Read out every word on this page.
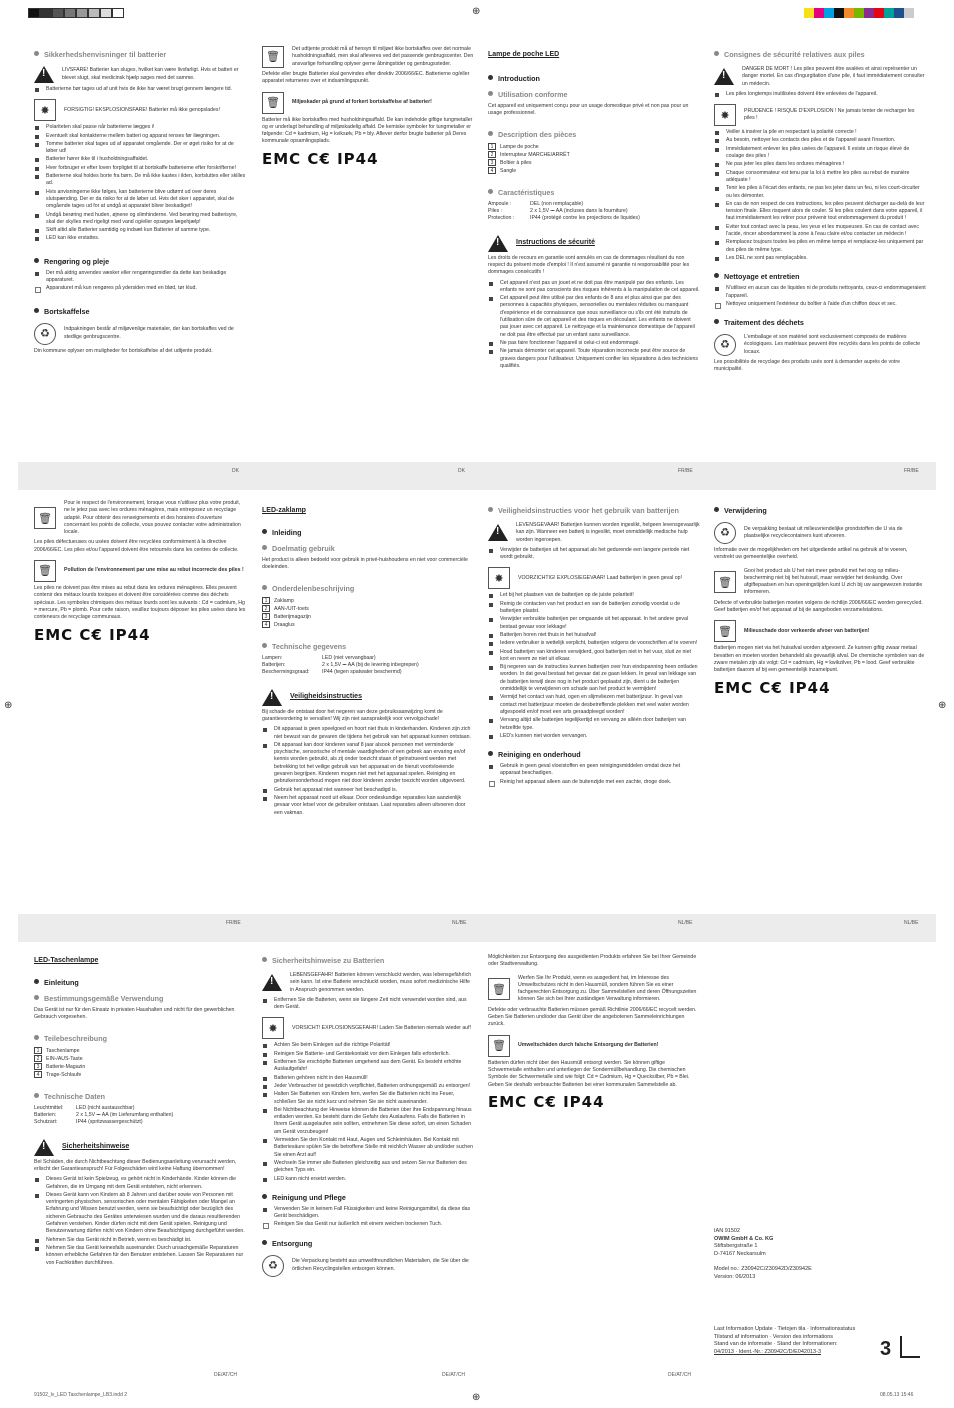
⊕
⊕
⊕	⊕
Sikkerhedshenvisninger til batterier
!	LIVSFARE! Batterier kan sluges, hvilket kan være livsfarligt. Hvis et batteri er blevet slugt, skal medicinsk hjælp søges med det samme.
Batterierne bør tages ud af unit hvis de ikke har været brugt gennem længere tid.
✸	FORSIGTIG! EKSPLOSIONSFARE! Batterier må ikke genopslades!
Polariteten skal passe når batterierne lægges i!
Eventuelt skal kontakterne mellem batteri og apparat renses før ilægningen.
Tomme batterier skal tages ud af apparatet omgående. Der er øget risiko for at de løber ud!
Batterier hører ikke til i husholdningsaffaldet.
Hver forbruger er efter loven forpligtet til at bortskaffe batterierne efter forskrifterne!
Batterierne skal holdes borte fra børn. De må ikke kastes i ilden, kortsluttes eller skilles ad.
Hvis anvisningerne ikke følges, kan batterierne blive udtømt ud over deres slutspænding. Der er da risiko for at de løber ud. Hvis det sker i apparatet, skal de omgående tages ud for at undgå at apparatet bliver beskadiget!
Undgå berøring med huden, øjnene og slimhinderne. Ved berøring med batterisyre, skal der skylles med rigeligt med vand og/eller opsøges lægehjælp!
Skift altid alle Batterier samtidig og indsæt kun Batterier af samme type.
LED kan ikke erstattes.
Rengøring og pleje
Der må aldrig anvendes væsker eller rengøringsmidler da dette kan beskadige apparaturet.
Apparaturet må kun rengøres på ydersiden med en blød, tør klud.
Bortskaffelse
♻	Indpakningen består af miljøvenlige materialer, der kan bortskaffes ved de stedlige genbrugscentre.
Din kommune oplyser om muligheder for bortskaffelse af det udtjente produkt.
🗑
Det udtjente produkt må af hensyn til miljøet ikke bortskaffes over det normale husholdningsaffald, men skal afleveres ved det passende genbrugscenter. Den ansvarlige forhandling oplyser gerne åbningstider og genbrugssteder.
Defekte eller brugte Batterier skal genvindes efter direktiv 2006/66/EC. Batterierne og/eller apparatet returneres over et indsamlingspunkt.
🗑	Miljøskader på grund af forkert bortskaffelse af batterier!
Batterier må ikke bortskaffes med husholdningsaffald. De kan indeholde giftige tungmetaller og er underlagt behandling af miljøskadelig affald. De kemiske symboler for tungmetaller er følgende: Cd = kadmium, Hg = kviksølv, Pb = bly. Aflever derfor brugte batterier på Deres kommunale opsamlingsplads.
EMC C€ IP44
Lampe de poche LED
Introduction
Utilisation conforme
Cet appareil est uniquement conçu pour un usage domestique privé et non pas pour un usage professionnel.
Description des pièces
1 Lampe de poche
2 Interrupteur MARCHE/ARRÊT
3 Boîtier à piles
4 Sangle
Caractéristiques
Ampoule :	DEL (non remplaçable)
Piles :	2 x 1,5V ⎓ AA (incluses dans la fourniture)
Protection :	IP44 (protégé contre les projections de liquides)
! Instructions de sécurité
Les droits de recours en garantie sont annulés en cas de dommages résultant du non respect du présent mode d'emploi ! Il n'est assumé ni garantie ni responsabilité pour les dommages consécutifs !
Cet appareil n'est pas un jouet et ne doit pas être manipulé par des enfants. Les enfants ne sont pas conscients des risques inhérents à la manipulation de cet appareil.
Cet appareil peut être utilisé par des enfants de 8 ans et plus ainsi que par des personnes à capacités physiques, sensorielles ou mentales réduites ou manquant d'expérience et de connaissance que sous surveillance ou s'ils ont été instruits de l'utilisation sûre de cet appareil et des risques en découlant. Les enfants ne doivent pas jouer avec cet appareil. Le nettoyage et la maintenance domestique de l'appareil ne doit pas être effectué par un enfant sans surveillance.
Ne pas faire fonctionner l'appareil si celui-ci est endommagé.
Ne jamais démonter cet appareil. Toute réparation incorrecte peut être source de graves dangers pour l'utilisateur. Uniquement confier les réparations à des techniciens qualifiés.
Consignes de sécurité relatives aux piles
!
DANGER DE MORT ! Les piles peuvent être avalées et ainsi représenter un danger mortel. En cas d'ingurgitation d'une pile, il faut immédiatement consulter un médecin.
Les piles longtemps inutilisées doivent être enlevées de l'appareil.
✸	PRUDENCE ! RISQUE D'EXPLOSION ! Ne jamais tenter de recharger les piles !
Veiller à insérer la pile en respectant la polarité correcte !
Au besoin, nettoyer les contacts des piles et de l'appareil avant l'insertion.
Immédiatement enlever les piles usées de l'appareil. Il existe un risque élevé de coulage des piles !
Ne pas jeter les piles dans les ordures ménagères !
Chaque consommateur est tenu par la loi à mettre les piles au rebut de manière adéquate !
Tenir les piles à l'écart des enfants, ne pas les jeter dans un feu, ni les court-circuiter ou les démonter.
En cas de non respect de ces instructions, les piles peuvent décharger au-delà de leur tension finale. Elles risquent alors de couler. Si les piles coulent dans votre appareil, il faut immédiatement les retirer pour prévenir tout endommagement du produit !
Eviter tout contact avec la peau, les yeux et les muqueuses. En cas de contact avec l'acide, rincer abondamment la zone à l'eau claire et/ou contacter un médecin !
Remplacez toujours toutes les piles en même temps et remplacez-les uniquement par des piles de même type.
Les DEL ne sont pas remplaçables.
Nettoyage et entretien
N'utilisez en aucun cas de liquides ni de produits nettoyants, ceux-ci endommageraient l'appareil.
Nettoyez uniquement l'extérieur du boîtier à l'aide d'un chiffon doux et sec.
Traitement des déchets
♻
L'emballage et son matériel sont exclusivement composés de matières écologiques. Les matériaux peuvent être recyclés dans les points de collecte locaux.
Les possibilités de recyclage des produits usés sont à demander auprès de votre municipalité.
DK	DK	FR/BE	FR/BE
🗑
Pour le respect de l'environnement, lorsque vous n'utilisez plus votre produit, ne le jetez pas avec les ordures ménagères, mais entreposez un recyclage adapté. Pour obtenir des renseignements et des horaires d'ouverture concernant les points de collecte, vous pouvez contacter votre administration locale.
Les piles défectueuses ou usées doivent être recyclées conformément à la directive 2006/66/EC. Les piles et/ou l'appareil doivent être retournés dans les centres de collecte.
🗑	Pollution de l'environnement par une mise au rebut incorrecte des piles !
Les piles ne doivent pas être mises au rebut dans les ordures ménagères. Elles peuvent contenir des métaux lourds toxiques et doivent être considérées comme des déchets spéciaux. Les symboles chimiques des métaux lourds sont les suivants : Cd = cadmium, Hg = mercure, Pb = plomb. Pour cette raison, veuillez toujours déposer les piles usées dans les conteneurs de recyclage communaux.
EMC C€ IP44
LED-zaklamp
Inleiding
Doelmatig gebruik
Het product is alleen bedoeld voor gebruik in privé-huishoudens en niet voor commerciële doeleinden.
Onderdelenbeschrijving
1 Zaklamp
2 AAN-/UIT-toets
3 Batterijmagazijn
4 Draaglus
Technische gegevens
Lampen:	LED (niet vervangbaar)
Batterijen:	2 x 1,5V ⎓ AA (bij de levering inbegrepen)
Beschermingsgraad:	IP44 (tegen spatwater beschermd)
! Veiligheidsinstructies
Bij schade die ontstaat door het negeren van deze gebruiksaanwijzing komt de garantievordering te vervallen! Wij zijn niet aansprakelijk voor vervolgschade!
Dit apparaat is geen speelgoed en hoort niet thuis in kinderhanden. Kinderen zijn zich niet bewust van de gevaren die tijdens het gebruik van het apparaat kunnen ontstaan.
Dit apparaat kan door kinderen vanaf 8 jaar alsook personen met verminderde psychische, sensorische of mentale vaardigheden of een gebrek aan ervaring en/of kennis worden gebruikt, als zij onder toezicht staan of geïnstrueerd werden met betrekking tot het veilige gebruik van het apparaat en de hieruit voortvloeiende gevaren begrijpen. Kinderen mogen niet met het apparaat spelen. Reiniging en gebruikersonderhoud mogen niet door kinderen zonder toezicht worden uitgevoerd.
Gebruik het apparaat niet wanneer het beschadigd is.
Neem het apparaat nooit uit elkaar. Door ondeskundige reparaties kan aanzienlijk gevaar voor letsel voor de gebruiker ontstaan. Laat reparaties alleen uitvoeren door een vakman.
Veiligheidsinstructies voor het gebruik van batterijen
!
LEVENSGEVAAR! Batterijen kunnen worden ingeslikt, hetgeen levensgevaarlijk kan zijn. Wanneer een batterij is ingeslikt, moet onmiddellijk medische hulp worden ingeroepen.
Verwijder de batterijen uit het apparaat als het gedurende een langere periode niet wordt gebruikt.
✸	VOORZICHTIG! EXPLOSIEGEVAAR! Laad batterijen in geen geval op!
Let bij het plaatsen van de batterijen op de juiste polariteit!
Reinig de contacten van het product en van de batterijen zonodig voordat u de batterijen plaatst.
Verwijder verbruikte batterijen per omgaande uit het apparaat. In het andere geval bestaat gevaar voor lekkage!
Batterijen horen niet thuis in het huisafval!
Iedere verbruiker is wettelijk verplicht, batterijen volgens de voorschriften af te voeren!
Houd batterijen van kinderen verwijderd, gooi batterijen niet in het vuur, sluit ze niet kort en neem ze niet uit elkaar.
Bij negeren van de instructies kunnen batterijen over hun eindspanning heen ontladen worden. In dat geval bestaat het gevaar dat ze gaan lekken. In geval van lekkage van de batterijen terwijl deze nog in het product geplaatst zijn, dient u de batterijen onmiddellijk te verwijderen om schade aan het product te vermijden!
Vermijd het contact van huid, ogen en slijmvliezen met batterijzuur. In geval van contact met batterijzuur moeten de desbetreffende plekken met veel water worden afgespoeld en/of moet een arts geraadpleegd worden!
Vervang altijd alle batterijen tegelijkertijd en vervang ze alléén door batterijen van hetzelfde type.
LED's kunnen niet worden vervangen.
Reiniging en onderhoud
Gebruik in geen geval vloeistoffen en geen reinigingsmiddelen omdat deze het apparaat beschadigen.
Reinig het apparaat alleen aan de buitenzijde met een zachte, droge doek.
Verwijdering
♻	De verpakking bestaat uit milieuvriendelijke grondstoffen die U via de plaatselijke recyclecontainers kunt afvoeren.
Informatie over de mogelijkheden om het uitgediende artikel na gebruik af te voeren, verstrekt uw gemeentelijke overheid.
🗑
Gooi het product als U het niet meer gebruikt met het oog op milieu-bescherming niet bij het huisvuil, maar verwijder het deskundig. Over afgiftepaatsen en hun openingstijden kunt U zich bij uw aangewezen instantie informeren.
Defecte of verbruikte batterijen moeten volgens de richtlijn 2006/66/EC worden gerecycled. Geef batterijen en/of het apparaat af bij de aangeboden verzamelstations.
🗑	Milieuschade door verkeerde afvoer van batterijen!
Batterijen mogen niet via het huisafval worden afgevoerd. Ze kunnen giftig zwaar metaal bevatten en moeten worden behandeld als gevaarlijk afval. De chemische symbolen van de zware metalen zijn als volgt: Cd = cadmium, Hg = kwikzilver, Pb = lood. Geef verbruikte batterijen daarom af bij een gemeentelijk inzamelpunt.
EMC C€ IP44
FR/BE	NL/BE	NL/BE	NL/BE
LED-Taschenlampe
Einleitung
Bestimmungsgemäße Verwendung
Das Gerät ist nur für den Einsatz in privaten Haushalten und nicht für den gewerblichen Gebrauch vorgesehen.
Teilebeschreibung
1 Taschenlampe
2 EIN-/AUS-Taste
3 Batterie-Magazin
4 Trage-Schlaufe
Technische Daten
Leuchtmittel:	LED (nicht austauschbar)
Batterien:	2 x 1,5V ⎓ AA (im Lieferumfang enthalten)
Schutzart:	IP44 (spritzwassergeschützt)
! Sicherheitshinweise
Bei Schäden, die durch Nichtbeachtung dieser Bedienungsanleitung verursacht werden, erlischt der Garantieanspruch! Für Folgeschäden wird keine Haftung übernommen!
Dieses Gerät ist kein Spielzeug, es gehört nicht in Kinderhände. Kinder können die Gefahren, die im Umgang mit dem Gerät entstehen, nicht erkennen.
Dieses Gerät kann von Kindern ab 8 Jahren und darüber sowie von Personen mit verringerten physischen, sensorischen oder mentalen Fähigkeiten oder Mangel an Erfahrung und Wissen benutzt werden, wenn sie beaufsichtigt oder bezüglich des sicheren Gebrauchs des Gerätes unterwiesen wurden und die daraus resultierenden Gefahren verstehen. Kinder dürfen nicht mit dem Gerät spielen. Reinigung und Benutzerwartung dürfen nicht von Kindern ohne Beaufsichtigung durchgeführt werden.
Nehmen Sie das Gerät nicht in Betrieb, wenn es beschädigt ist.
Nehmen Sie das Gerät keinesfalls auseinander. Durch unsachgemäße Reparaturen können erhebliche Gefahren für den Benutzer entstehen. Lassen Sie Reparaturen nur von Fachkräften durchführen.
Sicherheitshinweise zu Batterien
!
LEBENSGEFAHR! Batterien können verschluckt werden, was lebensgefährlich sein kann. Ist eine Batterie verschluckt worden, muss sofort medizinische Hilfe in Anspruch genommen werden.
Entfernen Sie die Batterien, wenn sie längere Zeit nicht verwendet worden sind, aus dem Gerät.
✸	VORSICHT! EXPLOSIONSGEFAHR! Laden Sie Batterien niemals wieder auf!
Achten Sie beim Einlegen auf die richtige Polarität!
Reinigen Sie Batterie- und Gerätekontakt vor dem Einlegen falls erforderlich.
Entfernen Sie erschöpfte Batterien umgehend aus dem Gerät. Es besteht erhöhte Auslaufgefahr!
Batterien gehören nicht in den Hausmüll!
Jeder Verbraucher ist gesetzlich verpflichtet, Batterien ordnungsgemäß zu entsorgen!
Halten Sie Batterien von Kindern fern, werfen Sie die Batterien nicht ins Feuer, schließen Sie sie nicht kurz und nehmen Sie sie nicht auseinander.
Bei Nichtbeachtung der Hinweise können die Batterien über ihre Endspannung hinaus entladen werden. Es besteht dann die Gefahr des Auslaufens. Falls die Batterien in Ihrem Gerät ausgelaufen sein sollten, entnehmen Sie diese sofort, um einen Schaden am Gerät vorzubeugen!
Vermeiden Sie den Kontakt mit Haut, Augen und Schleimhäuten. Bei Kontakt mit Batteriesäure spülen Sie die betroffene Stelle mit reichlich Wasser ab und/oder suchen Sie einen Arzt auf!
Wechseln Sie immer alle Batterien gleichzeitig aus und setzen Sie nur Batterien des gleichen Typs ein.
LED kann nicht ersetzt werden.
Reinigung und Pflege
Verwenden Sie in keinem Fall Flüssigkeiten und keine Reinigungsmittel, da diese das Gerät beschädigen.
Reinigen Sie das Gerät nur äußerlich mit einem weichen trockenen Tuch.
Entsorgung
♻	Die Verpackung besteht aus umweltfreundlichen Materialien, die Sie über die örtlichen Recyclingstellen entsorgen können.
Möglichkeiten zur Entsorgung des ausgedienten Produkts erfahren Sie bei Ihrer Gemeinde oder Stadtverwaltung.
🗑
Werfen Sie Ihr Produkt, wenn es ausgedient hat, im Interesse des Umweltschutzes nicht in den Hausmüll, sondern führen Sie es einer fachgerechten Entsorgung zu. Über Sammelstellen und deren Öffnungszeiten können Sie sich bei Ihrer zuständigen Verwaltung informieren.
Defekte oder verbrauchte Batterien müssen gemäß Richtlinie 2006/66/EC recycelt werden. Geben Sie Batterien und/oder das Gerät über die angebotenen Sammeleinrichtungen zurück.
🗑	Umweltschäden durch falsche Entsorgung der Batterien!
Batterien dürfen nicht über den Hausmüll entsorgt werden. Sie können giftige Schwermetalle enthalten und unterliegen der Sondermüllbehandlung. Die chemischen Symbole der Schwermetalle sind wie folgt: Cd = Cadmium, Hg = Quecksilber, Pb = Blei. Geben Sie deshalb verbrauchte Batterien bei einer kommunalen Sammelstelle ab.
EMC C€ IP44
IAN 91502
OWIM GmbH & Co. KG
Stiftsbergstraße 1
D-74167 Neckarsulm
Model no.: Z30942C/Z30942D/Z30942E
Version: 06/2013
Last Information Update · Tietojen tila · Informationsstatus
Tilstand af information · Version des informations
Stand van de informatie · Stand der Informationen:
04/2013 · Ident.-Nr.: Z30942C/D/E042013-3	3
DE/AT/CH	DE/AT/CH	DE/AT/CH
91502_lv_LED Taschenlampe_LB3.indd 2	08.05.13 15:46
